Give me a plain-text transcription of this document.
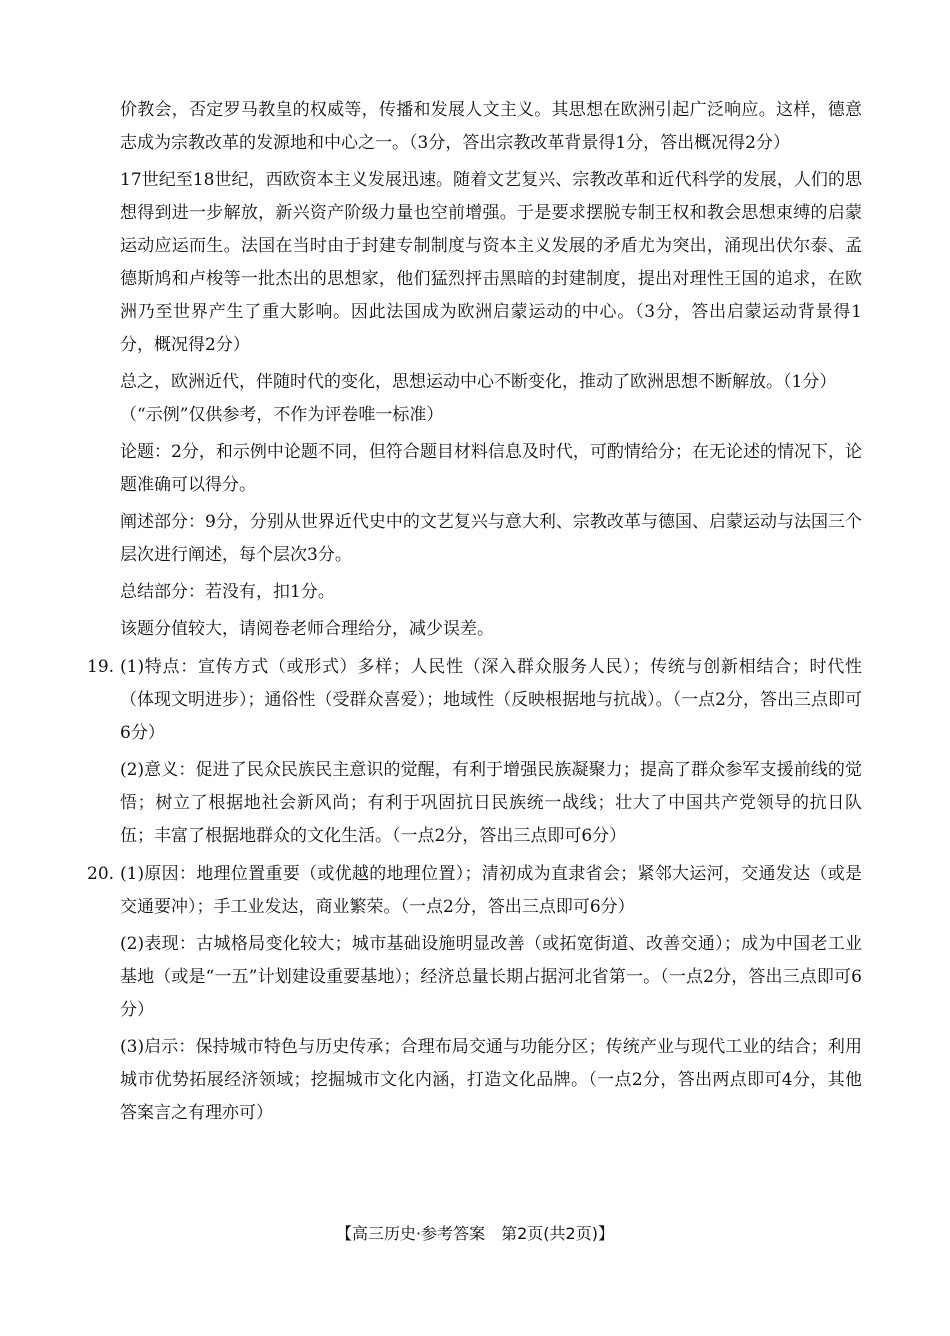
价教会，否定罗马教皇的权威等，传播和发展人文主义。其思想在欧洲引起广泛响应。这样，德意志成为宗教改革的发源地和中心之一。（3分，答出宗教改革背景得1分，答出概况得2分）

17世纪至18世纪，西欧资本主义发展迅速。随着文艺复兴、宗教改革和近代科学的发展，人们的思想得到进一步解放，新兴资产阶级力量也空前增强。于是要求摆脱专制王权和教会思想束缚的启蒙运动应运而生。法国在当时由于封建专制制度与资本主义发展的矛盾尤为突出，涌现出伏尔泰、孟德斯鸠和卢梭等一批杰出的思想家，他们猛烈抨击黑暗的封建制度，提出对理性王国的追求，在欧洲乃至世界产生了重大影响。因此法国成为欧洲启蒙运动的中心。（3分，答出启蒙运动背景得1分，概况得2分）

总之，欧洲近代，伴随时代的变化，思想运动中心不断变化，推动了欧洲思想不断解放。（1分）

（“示例”仅供参考，不作为评卷唯一标准）

论题：2分，和示例中论题不同，但符合题目材料信息及时代，可酌情给分；在无论述的情况下，论题准确可以得分。

阐述部分：9分，分别从世界近代史中的文艺复兴与意大利、宗教改革与德国、启蒙运动与法国三个层次进行阐述，每个层次3分。

总结部分：若没有，扣1分。

该题分值较大，请阅卷老师合理给分，减少误差。

19. (1)特点：宣传方式（或形式）多样；人民性（深入群众服务人民）；传统与创新相结合；时代性（体现文明进步）；通俗性（受群众喜爱）；地域性（反映根据地与抗战）。（一点2分，答出三点即可6分）

(2)意义：促进了民众民族民主意识的觉醒，有利于增强民族凝聚力；提高了群众参军支援前线的觉悟；树立了根据地社会新风尚；有利于巩固抗日民族统一战线；壮大了中国共产党领导的抗日队伍；丰富了根据地群众的文化生活。（一点2分，答出三点即可6分）

20. (1)原因：地理位置重要（或优越的地理位置）；清初成为直隶省会；紧邻大运河，交通发达（或是交通要冲）；手工业发达，商业繁荣。（一点2分，答出三点即可6分）

(2)表现：古城格局变化较大；城市基础设施明显改善（或拓宽街道、改善交通）；成为中国老工业基地（或是“一五”计划建设重要基地）；经济总量长期占据河北省第一。（一点2分，答出三点即可6分）

(3)启示：保持城市特色与历史传承；合理布局交通与功能分区；传统产业与现代工业的结合；利用城市优势拓展经济领域；挖掘城市文化内涵，打造文化品牌。（一点2分，答出两点即可4分，其他答案言之有理亦可）

【高三历史·参考答案　第2页(共2页)】
